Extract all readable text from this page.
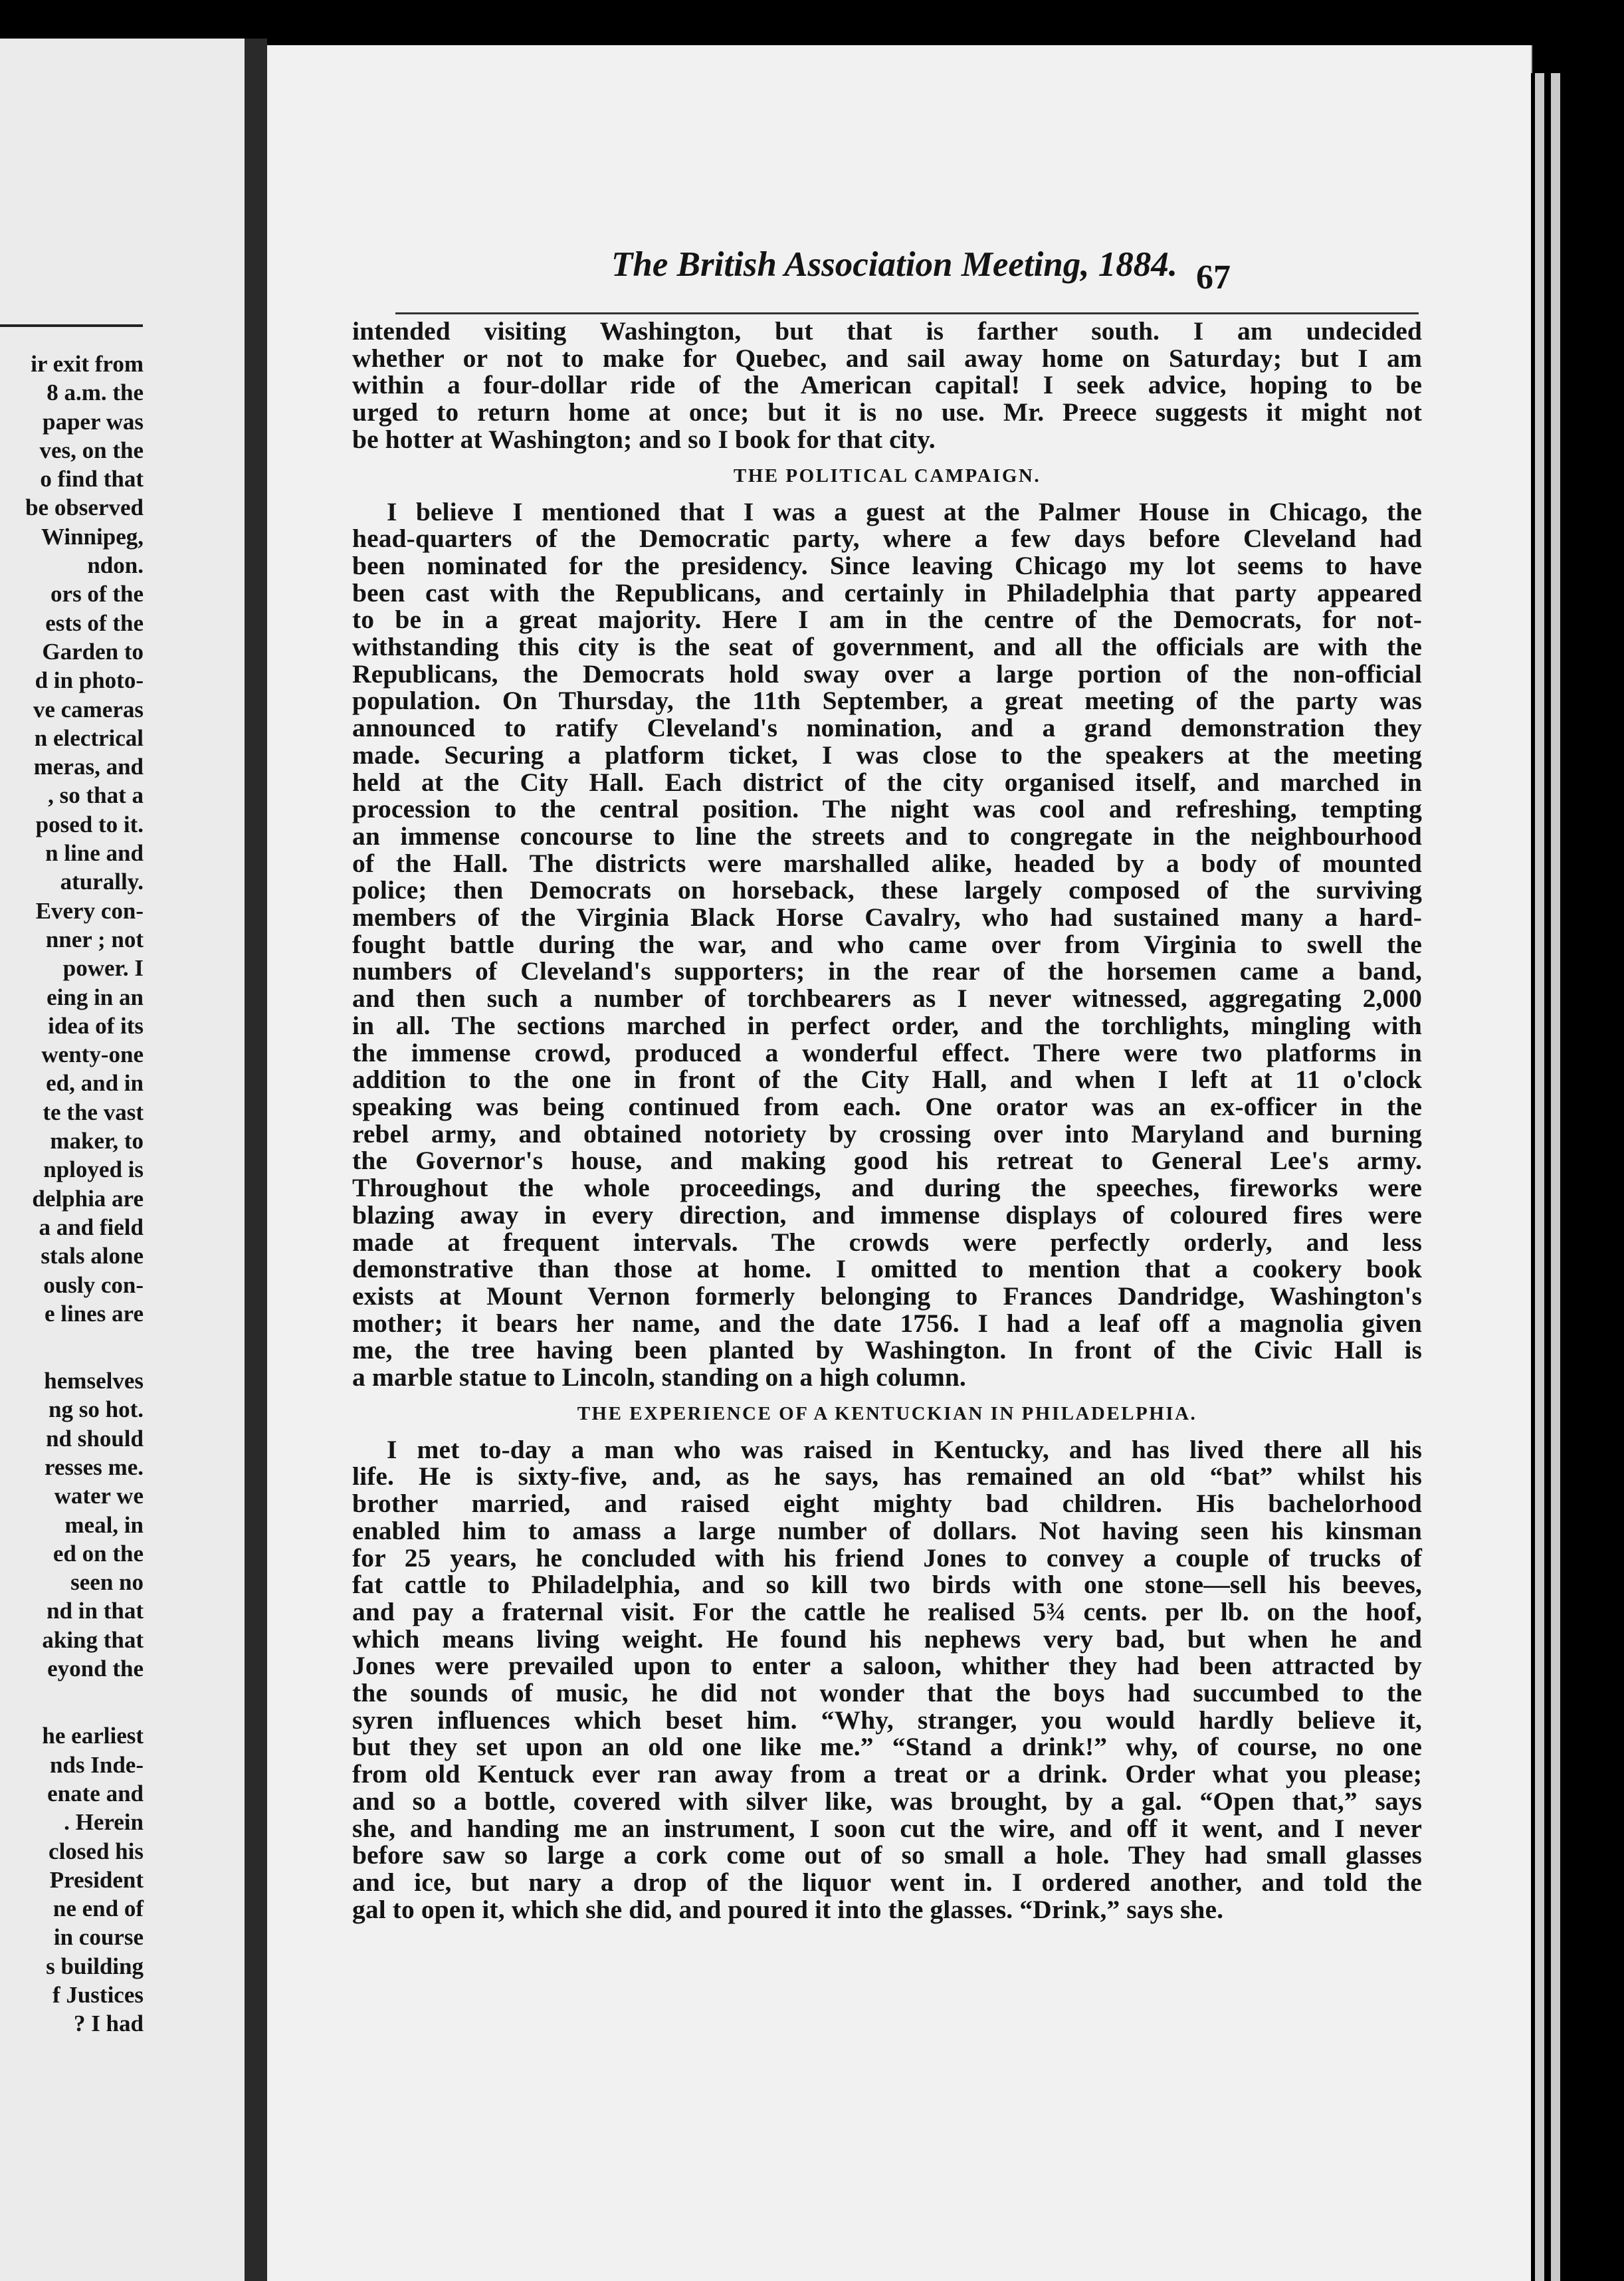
ir exit from
8 a.m. the
paper was
ves, on the
o find that
be observed
Winnipeg,
ndon.
ors of the
ests of the
Garden to
d in photo-
ve cameras
n electrical
meras, and
, so that a
posed to it.
n line and
aturally.
Every con-
nner ; not
power. I
eing in an
idea of its
wenty-one
ed, and in
te the vast
maker, to
nployed is
delphia are
a and field
stals alone
ously con-
e lines are
hemselves
ng so hot.
nd should
resses me.
water we
meal, in
ed on the
seen no
nd in that
aking that
eyond the
he earliest
nds Inde-
enate and
. Herein
closed his
President
ne end of
in course
s building
f Justices
? I had
The British Association Meeting, 1884. 67

intended visiting Washington, but that is farther south. I am undecided

whether or not to make for Quebec, and sail away home on Saturday; but I am

within a four-dollar ride of the American capital! I seek advice, hoping to be

urged to return home at once; but it is no use. Mr. Preece suggests it might not

be hotter at Washington; and so I book for that city.

THE POLITICAL CAMPAIGN.

I believe I mentioned that I was a guest at the Palmer House in Chicago, the

head-quarters of the Democratic party, where a few days before Cleveland had

been nominated for the presidency. Since leaving Chicago my lot seems to have

been cast with the Republicans, and certainly in Philadelphia that party appeared

to be in a great majority. Here I am in the centre of the Democrats, for not-

withstanding this city is the seat of government, and all the officials are with the

Republicans, the Democrats hold sway over a large portion of the non-official

population. On Thursday, the 11th September, a great meeting of the party was

announced to ratify Cleveland's nomination, and a grand demonstration they

made. Securing a platform ticket, I was close to the speakers at the meeting

held at the City Hall. Each district of the city organised itself, and marched in

procession to the central position. The night was cool and refreshing, tempting

an immense concourse to line the streets and to congregate in the neighbourhood

of the Hall. The districts were marshalled alike, headed by a body of mounted

police; then Democrats on horseback, these largely composed of the surviving

members of the Virginia Black Horse Cavalry, who had sustained many a hard-

fought battle during the war, and who came over from Virginia to swell the

numbers of Cleveland's supporters; in the rear of the horsemen came a band,

and then such a number of torchbearers as I never witnessed, aggregating 2,000

in all. The sections marched in perfect order, and the torchlights, mingling with

the immense crowd, produced a wonderful effect. There were two platforms in

addition to the one in front of the City Hall, and when I left at 11 o'clock

speaking was being continued from each. One orator was an ex-officer in the

rebel army, and obtained notoriety by crossing over into Maryland and burning

the Governor's house, and making good his retreat to General Lee's army.

Throughout the whole proceedings, and during the speeches, fireworks were

blazing away in every direction, and immense displays of coloured fires were

made at frequent intervals. The crowds were perfectly orderly, and less

demonstrative than those at home. I omitted to mention that a cookery book

exists at Mount Vernon formerly belonging to Frances Dandridge, Washington's

mother; it bears her name, and the date 1756. I had a leaf off a magnolia given

me, the tree having been planted by Washington. In front of the Civic Hall is

a marble statue to Lincoln, standing on a high column.

THE EXPERIENCE OF A KENTUCKIAN IN PHILADELPHIA.

I met to-day a man who was raised in Kentucky, and has lived there all his

life. He is sixty-five, and, as he says, has remained an old “bat” whilst his

brother married, and raised eight mighty bad children. His bachelorhood

enabled him to amass a large number of dollars. Not having seen his kinsman

for 25 years, he concluded with his friend Jones to convey a couple of trucks of

fat cattle to Philadelphia, and so kill two birds with one stone—sell his beeves,

and pay a fraternal visit. For the cattle he realised 5¾ cents. per lb. on the hoof,

which means living weight. He found his nephews very bad, but when he and

Jones were prevailed upon to enter a saloon, whither they had been attracted by

the sounds of music, he did not wonder that the boys had succumbed to the

syren influences which beset him. “Why, stranger, you would hardly believe it,

but they set upon an old one like me.” “Stand a drink!” why, of course, no one

from old Kentuck ever ran away from a treat or a drink. Order what you please;

and so a bottle, covered with silver like, was brought, by a gal. “Open that,” says

she, and handing me an instrument, I soon cut the wire, and off it went, and I never

before saw so large a cork come out of so small a hole. They had small glasses

and ice, but nary a drop of the liquor went in. I ordered another, and told the

gal to open it, which she did, and poured it into the glasses. “Drink,” says she.
